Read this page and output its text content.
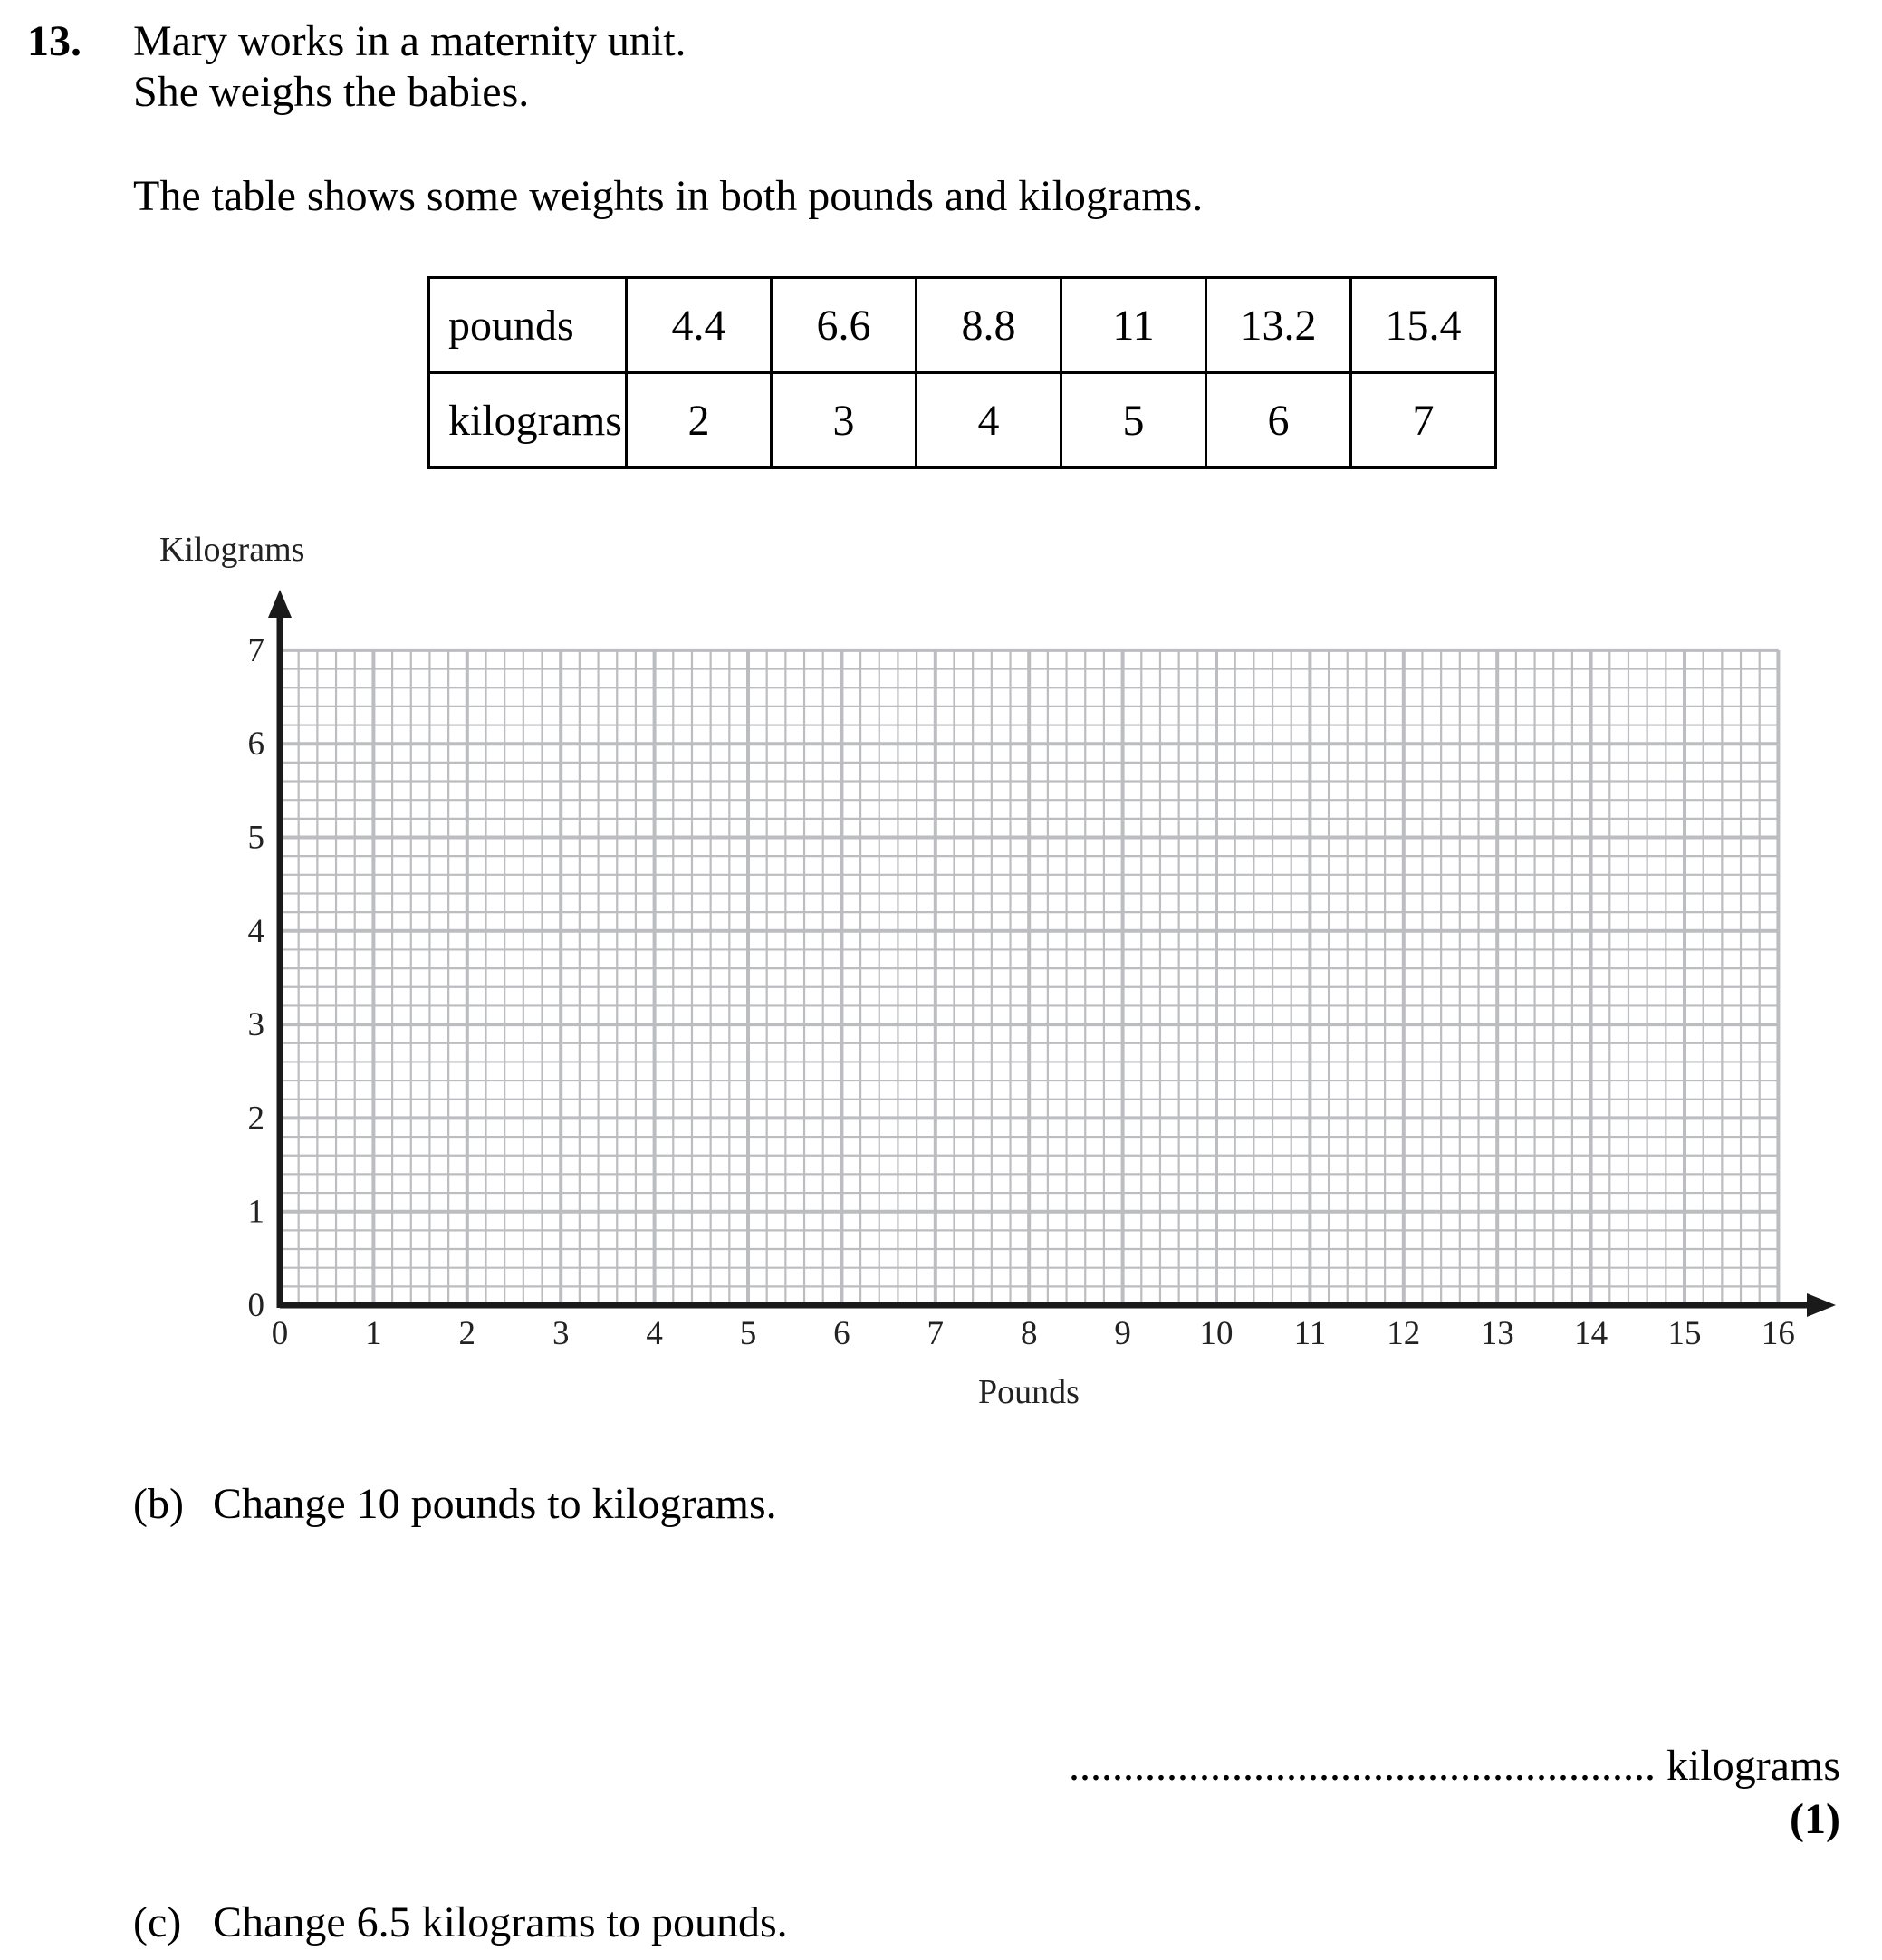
13. Mary works in a maternity unit.
She weighs the babies.
The table shows some weights in both pounds and kilograms.
pounds	4.4	6.6	8.8	11	13.2	15.4
kilograms	2	3	4	5	6	7
0 1 2 3 4 5 6 7 8 9 10 11 12 13 14 15 16
0
1
2
3
4
5
6
7
Kilograms
Pounds
(b) Change 10 pounds to kilograms.
...................................................... kilograms
(1)
(c) Change 6.5 kilograms to pounds.
